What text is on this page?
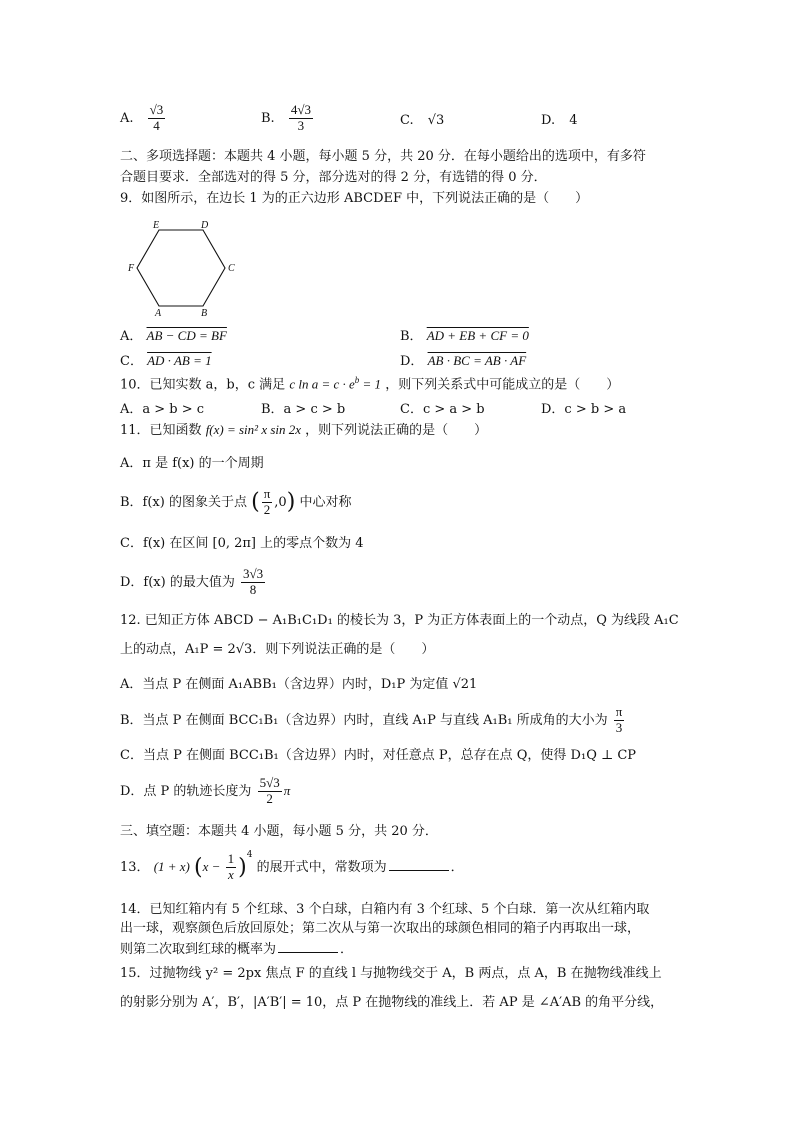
A. $\frac{√3}{4}$	B. $\frac{4√3}{3}$	C. √3	D. 4
二、多项选择题：本题共 4 小题，每小题 5 分，共 20 分．在每小题给出的选项中，有多符
合题目要求．全部选对的得 5 分，部分选对的得 2 分，有选错的得 0 分．
9．如图所示，在边长 1 为的正六边形 ABCDEF 中，下列说法正确的是（　　）
E	D
F	C
A	B
A． AB − CD = BF	B． AD + EB + CF = 0
C． AD · AB = 1	D． AB · BC = AB · AF
10．已知实数 a，b，c 满足 c $\ln a = c \cdot e^b = 1$ ，则下列关系式中可能成立的是（　　）
A．a > b > c	B．a > c > b	C．c > a > b	D．c > b > a
11．已知函数 f(x) = sin² x sin 2x ，则下列说法正确的是（　　）
A．π 是 f(x) 的一个周期
B．f(x) 的图象关于点 ( $\frac{\pi}{2} ,0$) 中心对称
C．f(x) 在区间 [0, 2π] 上的零点个数为 4
D．f(x) 的最大值为 $\frac{3√3}{8}$
12. 已知正方体 ABCD − A₁B₁C₁D₁ 的棱长为 3，P 为正方体表面上的一个动点，Q 为线段 A₁C
上的动点，A₁P = 2√3．则下列说法正确的是（　　）
A．当点 P 在侧面 A₁ABB₁（含边界）内时，D₁P 为定值 √21
B．当点 P 在侧面 BCC₁B₁（含边界）内时，直线 A₁P 与直线 A₁B₁ 所成角的大小为 $\frac{\pi}{3}$
C．当点 P 在侧面 BCC₁B₁（含边界）内时，对任意点 P，总存在点 Q，使得 D₁Q ⊥ CP
D．点 P 的轨迹长度为 $\frac{5√3}{2}$ π
三、填空题：本题共 4 小题，每小题 5 分，共 20 分．
13． (1 + x) $(x - \frac{1}{x} )^4$ 的展开式中，常数项为	．
14．已知红箱内有 5 个红球、3 个白球，白箱内有 3 个红球、5 个白球．第一次从红箱内取
出一球，观察颜色后放回原处；第二次从与第一次取出的球颜色相同的箱子内再取出一球，
则第二次取到红球的概率为	．
15．过抛物线 y² = 2px 焦点 F 的直线 l 与抛物线交于 A，B 两点，点 A，B 在抛物线准线上
的射影分别为 A′，B′，|A′B′| = 10，点 P 在抛物线的准线上．若 AP 是 ∠A′AB 的角平分线，
